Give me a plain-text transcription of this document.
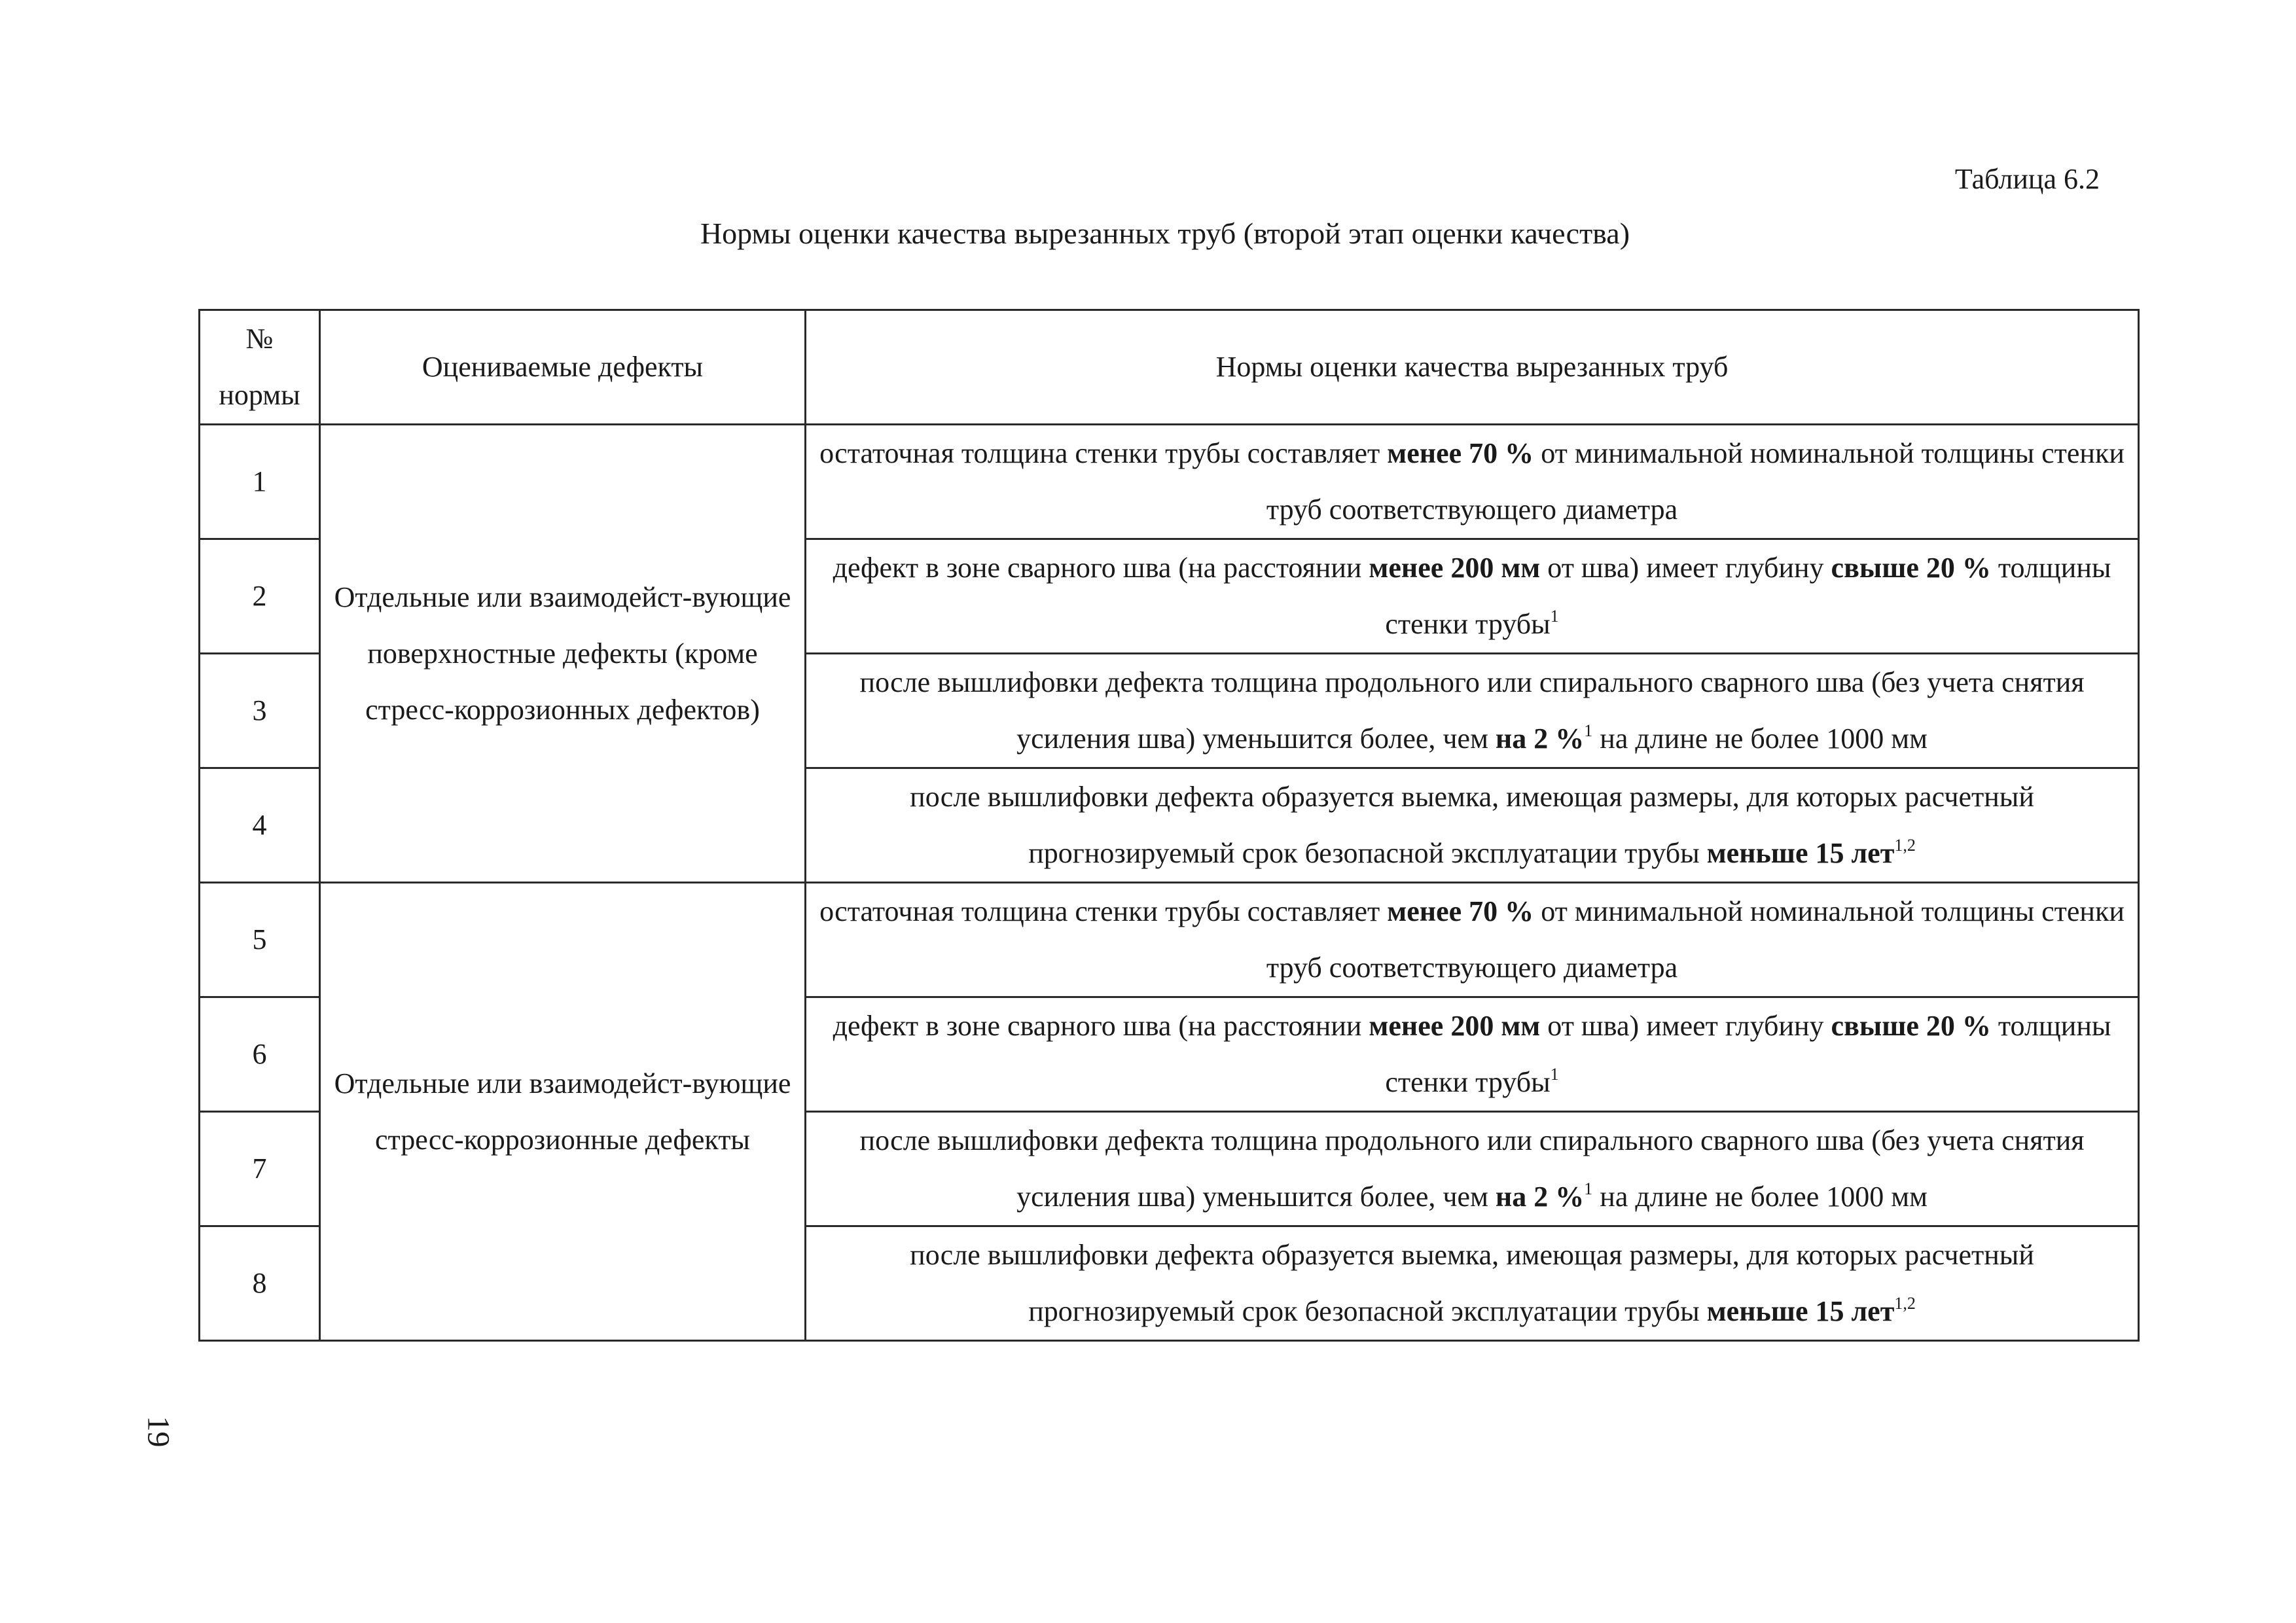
Таблица 6.2
Нормы оценки качества вырезанных труб (второй этап оценки качества)
№
нормы	Оцениваемые дефекты	Нормы оценки качества вырезанных труб
1	Отдельные или взаимодейст-вующие поверхностные дефекты (кроме стресс-коррозионных дефектов)	остаточная толщина стенки трубы составляет менее 70 % от минимальной номинальной толщины стенки труб соответствующего диаметра
2		дефект в зоне сварного шва (на расстоянии менее 200 мм от шва) имеет глубину свыше 20 % толщины стенки трубы$^1$
3		после вышлифовки дефекта толщина продольного или спирального сварного шва (без учета снятия усиления шва) уменьшится более, чем на 2 %$^1$ на длине не более 1000 мм
4		после вышлифовки дефекта образуется выемка, имеющая размеры, для которых расчетный прогнозируемый срок безопасной эксплуатации трубы меньше 15 лет$^{1,2}$
5	Отдельные или взаимодейст-вующие стресс-коррозионные дефекты	остаточная толщина стенки трубы составляет менее 70 % от минимальной номинальной толщины стенки труб соответствующего диаметра
6		дефект в зоне сварного шва (на расстоянии менее 200 мм от шва) имеет глубину свыше 20 % толщины стенки трубы$^1$
7		после вышлифовки дефекта толщина продольного или спирального сварного шва (без учета снятия усиления шва) уменьшится более, чем на 2 %$^1$ на длине не более 1000 мм
8		после вышлифовки дефекта образуется выемка, имеющая размеры, для которых расчетный прогнозируемый срок безопасной эксплуатации трубы меньше 15 лет$^{1,2}$
19
